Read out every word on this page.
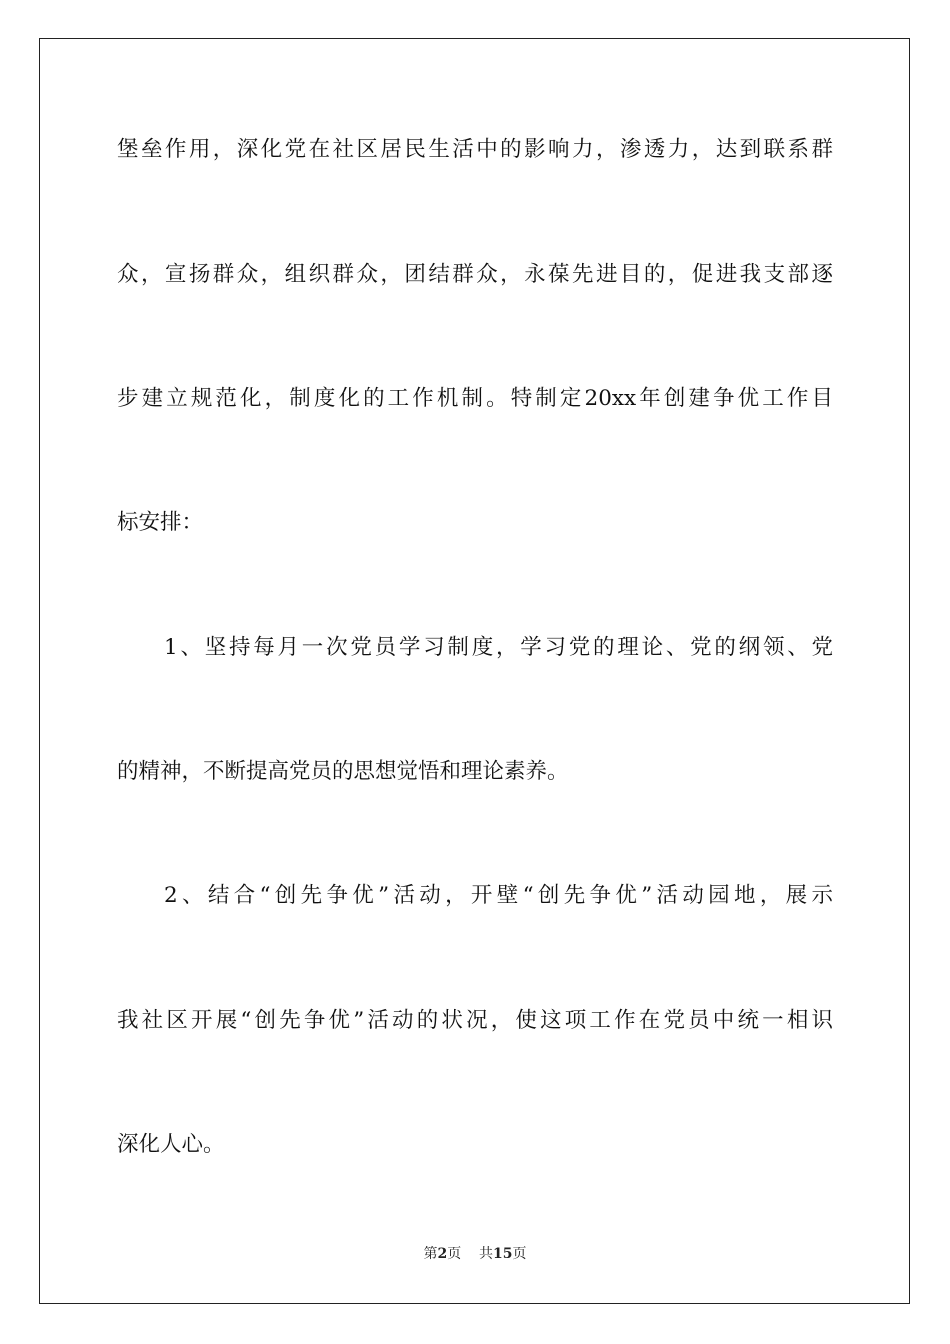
堡垒作用，深化党在社区居民生活中的影响力，渗透力，达到联系群
众，宣扬群众，组织群众，团结群众，永葆先进目的，促进我支部逐
步建立规范化，制度化的工作机制。特制定20xx年创建争优工作目
标安排：
1、坚持每月一次党员学习制度，学习党的理论、党的纲领、党
的精神，不断提高党员的思想觉悟和理论素养。
2、结合“创先争优”活动，开壁“创先争优”活动园地，展示
我社区开展“创先争优”活动的状况，使这项工作在党员中统一相识
深化人心。
第2页 共15页
